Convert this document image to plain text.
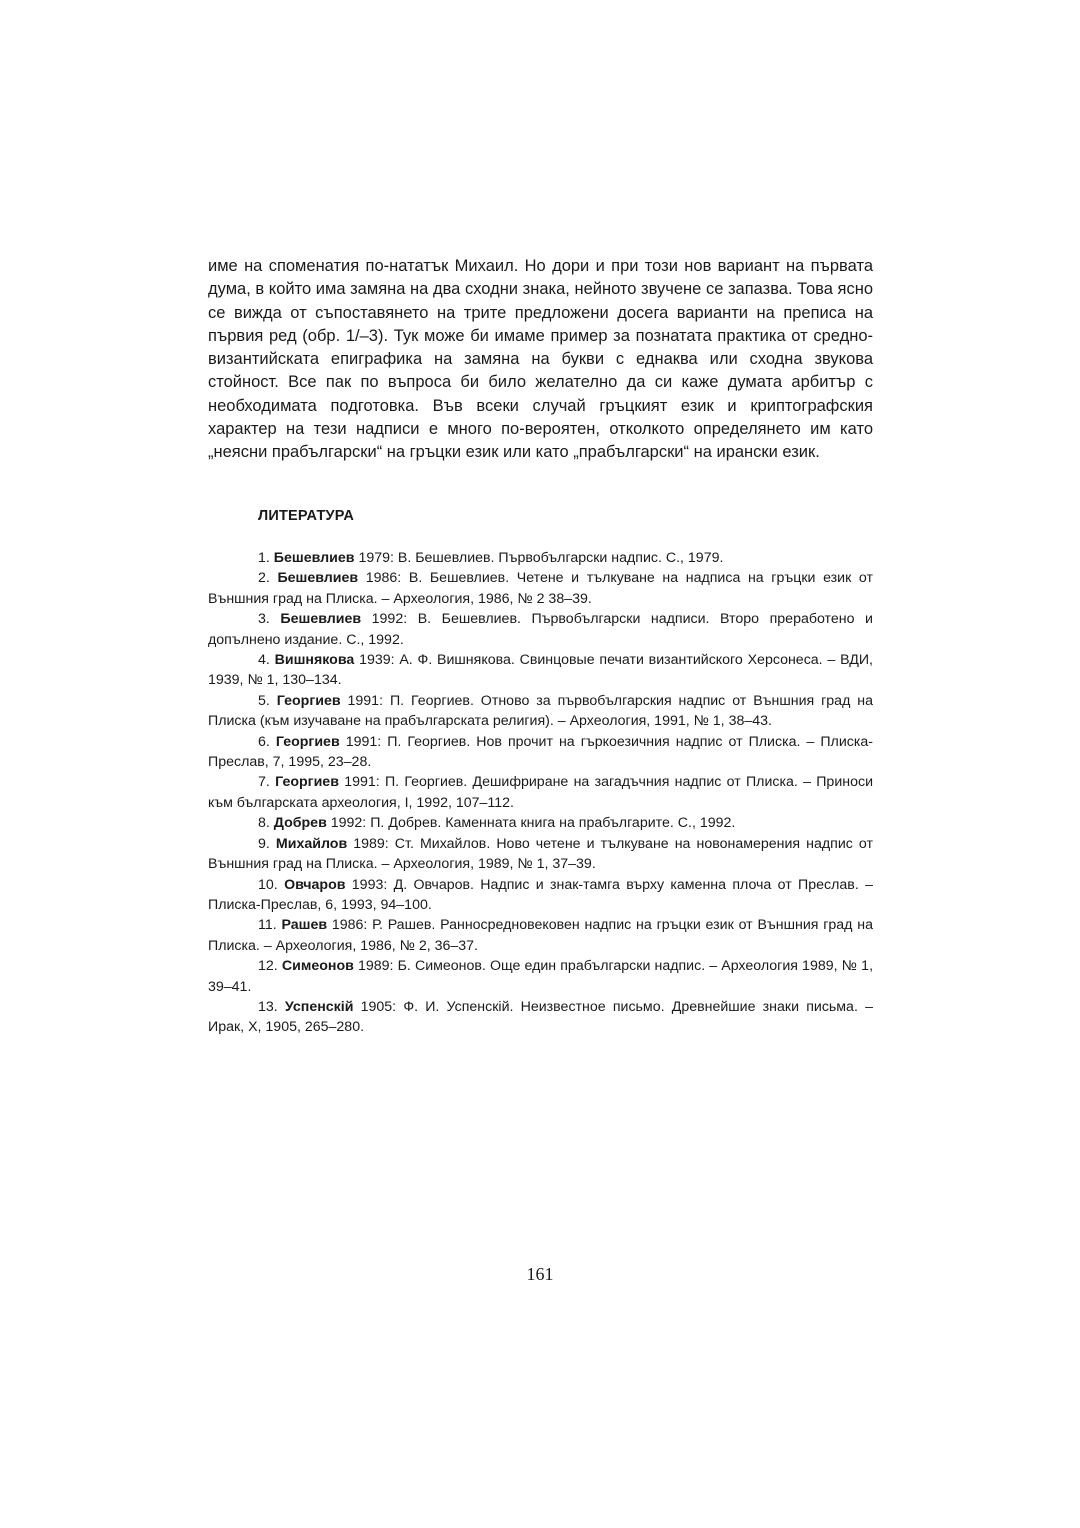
име на споменатия по-нататък Михаил. Но дори и при този нов вариант на първата дума, в който има замяна на два сходни знака, нейното звучене се запазва. Това ясно се вижда от съпоставянето на трите предложени досега варианти на преписа на първия ред (обр. 1/–3). Тук може би имаме пример за познатата практика от средно-византийската епиграфика на замяна на букви с еднаква или сходна звукова стойност. Все пак по въпроса би било желателно да си каже думата арбитър с необходимата подготовка. Във всеки случай гръцкият език и криптографския характер на тези надписи е много по-вероятен, отколкото определянето им като „неясни прабългарски“ на гръцки език или като „прабългарски“ на ирански език.

ЛИТЕРАТУРА
1. Бешевлиев 1979: В. Бешевлиев. Първобългарски надпис. С., 1979.
2. Бешевлиев 1986: В. Бешевлиев. Четене и тълкуване на надписа на гръцки език от Външния град на Плиска. – Археология, 1986, № 2 38–39.
3. Бешевлиев 1992: В. Бешевлиев. Първобългарски надписи. Второ преработено и допълнено издание. С., 1992.
4. Вишнякова 1939: А. Ф. Вишнякова. Свинцовые печати византийского Херсонеса. – ВДИ, 1939, № 1, 130–134.
5. Георгиев 1991: П. Георгиев. Отново за първобългарския надпис от Външния град на Плиска (към изучаване на прабългарската религия). – Археология, 1991, № 1, 38–43.
6. Георгиев 1991: П. Георгиев. Нов прочит на гъркоезичния надпис от Плиска. – Плиска-Преслав, 7, 1995, 23–28.
7. Георгиев 1991: П. Георгиев. Дешифриране на загадъчния надпис от Плиска. – Приноси към българската археология, I, 1992, 107–112.
8. Добрев 1992: П. Добрев. Каменната книга на прабългарите. С., 1992.
9. Михайлов 1989: Ст. Михайлов. Ново четене и тълкуване на новонамерения надпис от Външния град на Плиска. – Археология, 1989, № 1, 37–39.
10. Овчаров 1993: Д. Овчаров. Надпис и знак-тамга върху каменна плоча от Преслав. – Плиска-Преслав, 6, 1993, 94–100.
11. Рашев 1986: Р. Рашев. Ранносредновековен надпис на гръцки език от Външния град на Плиска. – Археология, 1986, № 2, 36–37.
12. Симеонов 1989: Б. Симеонов. Още един прабългарски надпис. – Археология 1989, № 1, 39–41.
13. Успенскiй 1905: Ф. И. Успенскiй. Неизвестное письмо. Древнейшие знаки письма. – Ирак, X, 1905, 265–280.
161
